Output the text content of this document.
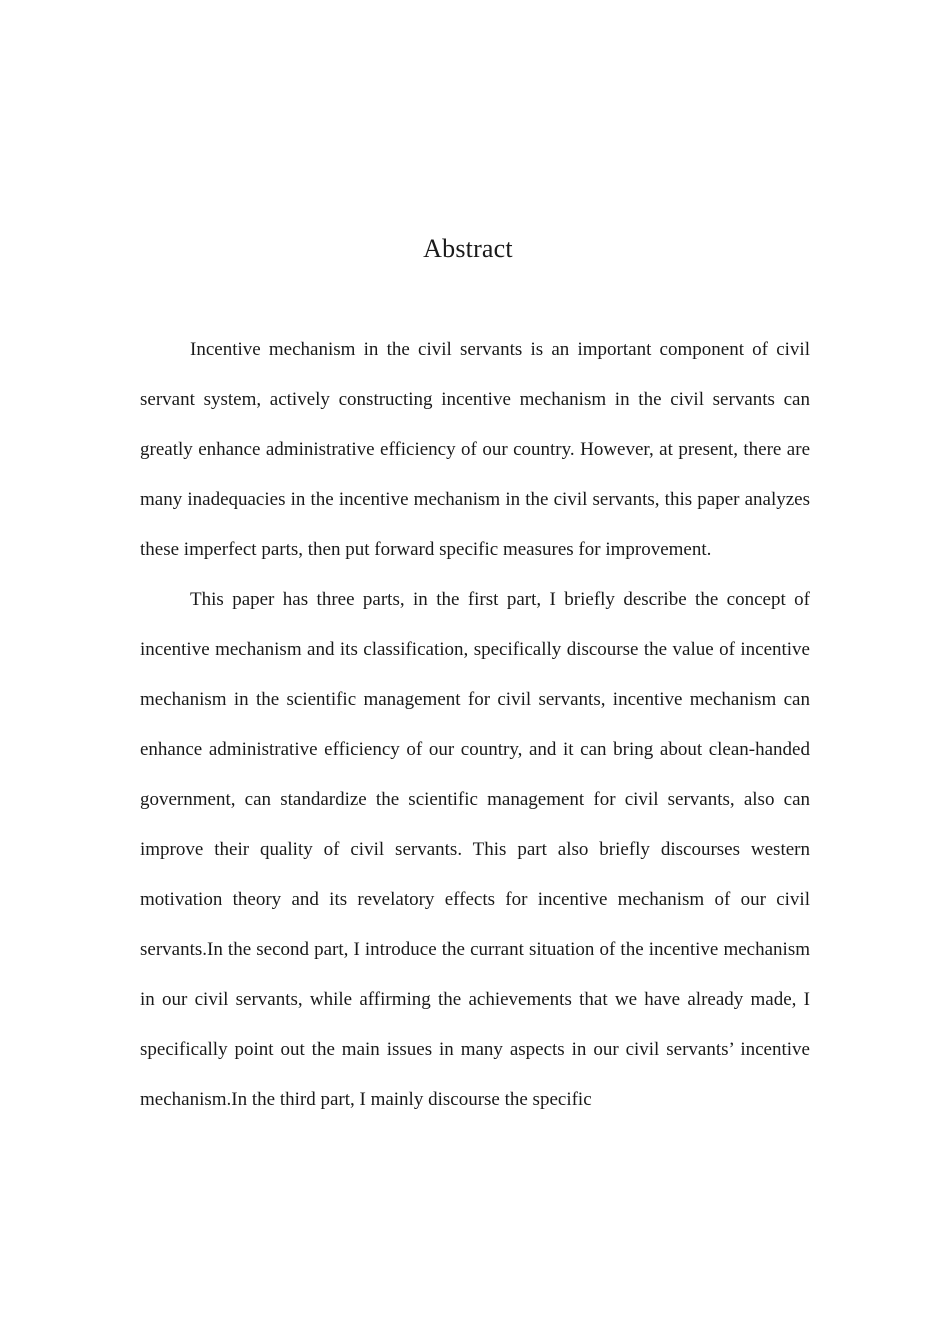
Abstract

Incentive mechanism in the civil servants is an important component of civil servant system, actively constructing incentive mechanism in the civil servants can greatly enhance administrative efficiency of our country. However, at present, there are many inadequacies in the incentive mechanism in the civil servants, this paper analyzes these imperfect parts, then put forward specific measures for improvement.

This paper has three parts, in the first part, I briefly describe the concept of incentive mechanism and its classification, specifically discourse the value of incentive mechanism in the scientific management for civil servants, incentive mechanism can enhance administrative efficiency of our country, and it can bring about clean-handed government, can standardize the scientific management for civil servants, also can improve their quality of civil servants. This part also briefly discourses western motivation theory and its revelatory effects for incentive mechanism of our civil servants.In the second part, I introduce the currant situation of the incentive mechanism in our civil servants, while affirming the achievements that we have already made, I specifically point out the main issues in many aspects in our civil servants’ incentive mechanism.In the third part, I mainly discourse the specific
